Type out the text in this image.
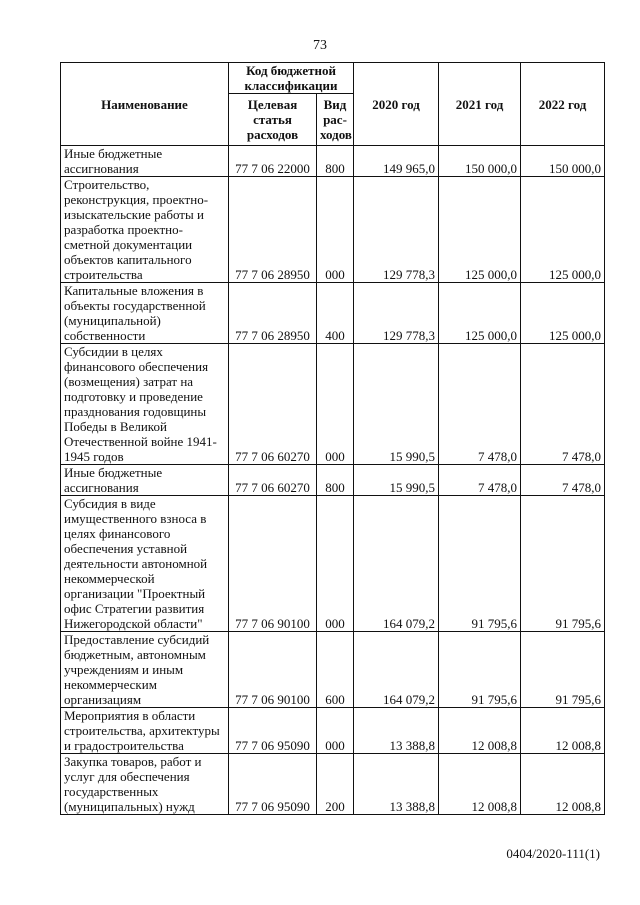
73
Наименование	Код бюджетной классификации		2020 год	2021 год	2022 год
	Целевая статья расходов	Вид рас-ходов			
Иные бюджетные ассигнования	77 7 06 22000	800	149 965,0	150 000,0	150 000,0
Строительство, реконструкция, проектно-изыскательские работы и разработка проектно-сметной документации объектов капитального строительства	77 7 06 28950	000	129 778,3	125 000,0	125 000,0
Капитальные вложения в объекты государственной (муниципальной) собственности	77 7 06 28950	400	129 778,3	125 000,0	125 000,0
Субсидии в целях финансового обеспечения (возмещения) затрат на подготовку и проведение празднования годовщины Победы в Великой Отечественной войне 1941-1945 годов	77 7 06 60270	000	15 990,5	7 478,0	7 478,0
Иные бюджетные ассигнования	77 7 06 60270	800	15 990,5	7 478,0	7 478,0
Субсидия в виде имущественного взноса в целях финансового обеспечения уставной деятельности автономной некоммерческой организации "Проектный офис Стратегии развития Нижегородской области"	77 7 06 90100	000	164 079,2	91 795,6	91 795,6
Предоставление субсидий бюджетным, автономным учреждениям и иным некоммерческим организациям	77 7 06 90100	600	164 079,2	91 795,6	91 795,6
Мероприятия в области строительства, архитектуры и градостроительства	77 7 06 95090	000	13 388,8	12 008,8	12 008,8
Закупка товаров, работ и услуг для обеспечения государственных (муниципальных) нужд	77 7 06 95090	200	13 388,8	12 008,8	12 008,8
0404/2020-111(1)
